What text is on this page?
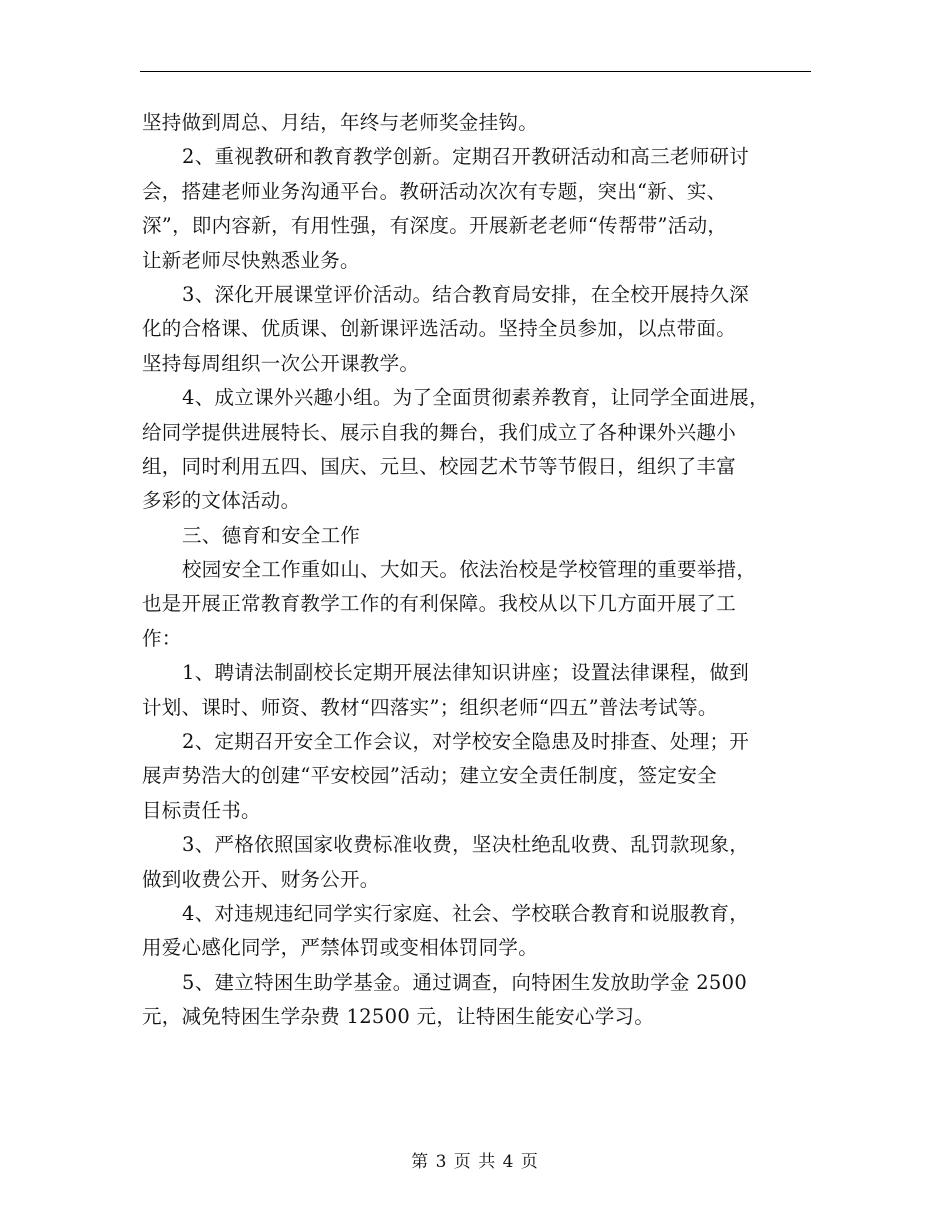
坚持做到周总、月结，年终与老师奖金挂钩。
2、重视教研和教育教学创新。定期召开教研活动和高三老师研讨
会，搭建老师业务沟通平台。教研活动次次有专题，突出“新、实、
深”，即内容新，有用性强，有深度。开展新老老师“传帮带”活动，
让新老师尽快熟悉业务。
3、深化开展课堂评价活动。结合教育局安排，在全校开展持久深
化的合格课、优质课、创新课评选活动。坚持全员参加，以点带面。
坚持每周组织一次公开课教学。
4、成立课外兴趣小组。为了全面贯彻素养教育，让同学全面进展，
给同学提供进展特长、展示自我的舞台，我们成立了各种课外兴趣小
组，同时利用五四、国庆、元旦、校园艺术节等节假日，组织了丰富
多彩的文体活动。
三、德育和安全工作
校园安全工作重如山、大如天。依法治校是学校管理的重要举措，
也是开展正常教育教学工作的有利保障。我校从以下几方面开展了工
作：
1、聘请法制副校长定期开展法律知识讲座；设置法律课程，做到
计划、课时、师资、教材“四落实”；组织老师“四五”普法考试等。
2、定期召开安全工作会议，对学校安全隐患及时排查、处理；开
展声势浩大的创建“平安校园”活动；建立安全责任制度，签定安全
目标责任书。
3、严格依照国家收费标准收费，坚决杜绝乱收费、乱罚款现象，
做到收费公开、财务公开。
4、对违规违纪同学实行家庭、社会、学校联合教育和说服教育，
用爱心感化同学，严禁体罚或变相体罚同学。
5、建立特困生助学基金。通过调查，向特困生发放助学金 2500
元，减免特困生学杂费 12500 元，让特困生能安心学习。
第 3 页 共 4 页
